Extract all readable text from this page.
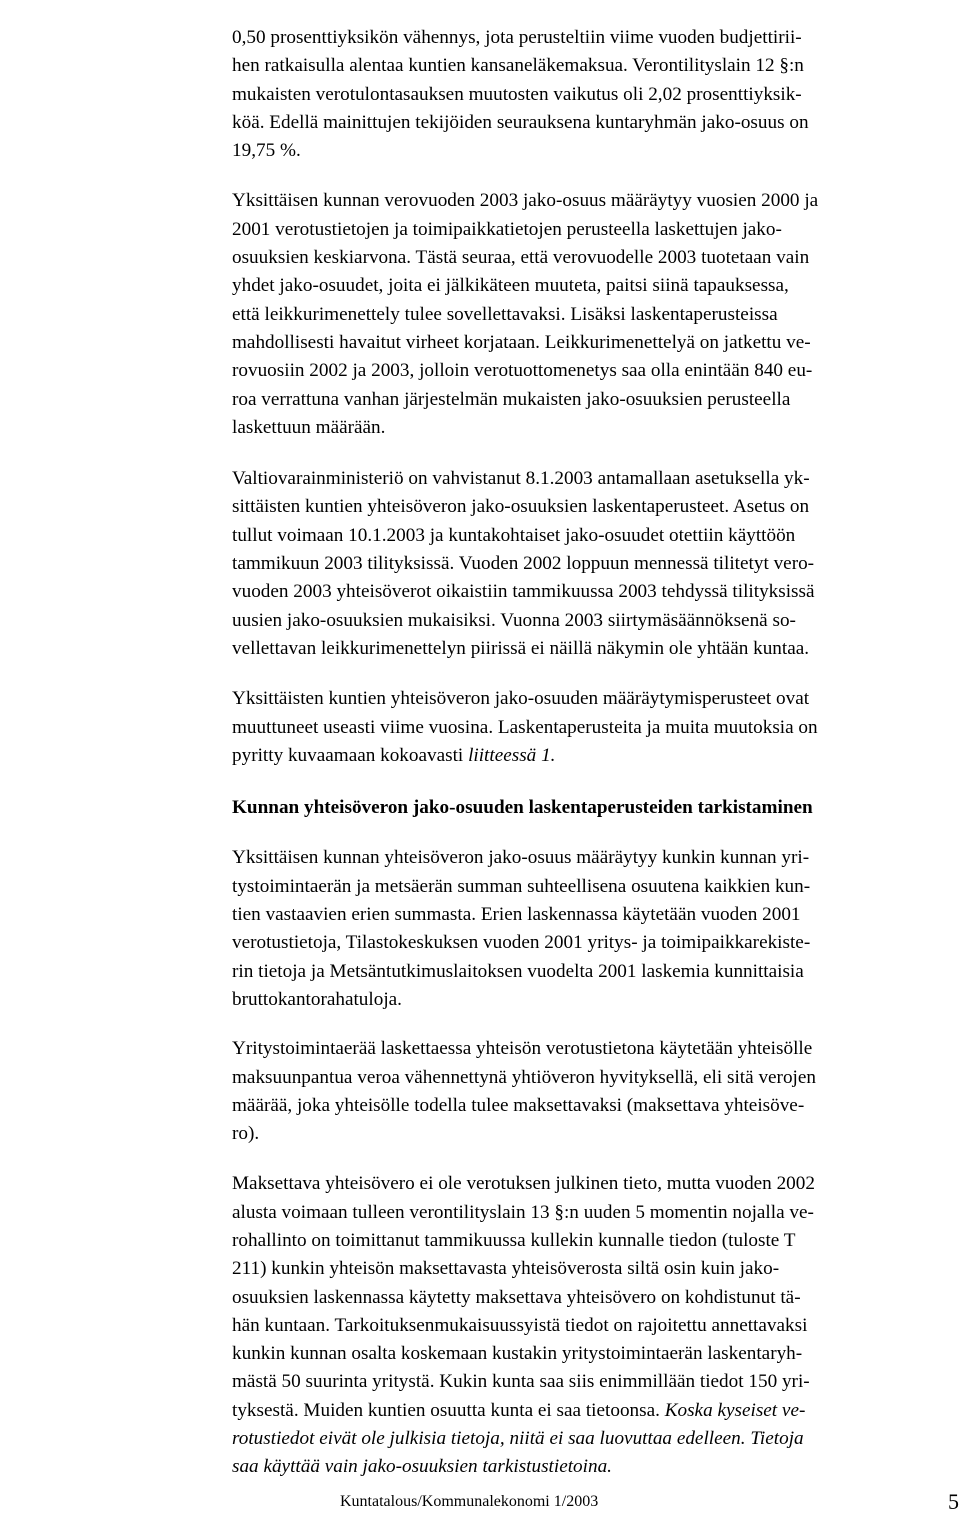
0,50 prosenttiyksikön vähennys, jota perusteltiin viime vuoden budjettirii-
hen ratkaisulla alentaa kuntien kansaneläkemaksua. Verontilityslain 12 §:n
mukaisten verotulontasauksen muutosten vaikutus oli 2,02 prosenttiyksik-
köä. Edellä mainittujen tekijöiden seurauksena kuntaryhmän jako-osuus on
19,75 %.

Yksittäisen kunnan verovuoden 2003 jako-osuus määräytyy vuosien 2000 ja
2001 verotustietojen ja toimipaikkatietojen perusteella laskettujen jako-
osuuksien keskiarvona. Tästä seuraa, että verovuodelle 2003 tuotetaan vain
yhdet jako-osuudet, joita ei jälkikäteen muuteta, paitsi siinä tapauksessa,
että leikkurimenettely tulee sovellettavaksi. Lisäksi laskentaperusteissa
mahdollisesti havaitut virheet korjataan. Leikkurimenettelyä on jatkettu ve-
rovuosiin 2002 ja 2003, jolloin verotuottomenetys saa olla enintään 840 eu-
roa verrattuna vanhan järjestelmän mukaisten jako-osuuksien perusteella
laskettuun määrään.

Valtiovarainministeriö on vahvistanut 8.1.2003 antamallaan asetuksella yk-
sittäisten kuntien yhteisöveron jako-osuuksien laskentaperusteet. Asetus on
tullut voimaan 10.1.2003 ja kuntakohtaiset jako-osuudet otettiin käyttöön
tammikuun 2003 tilityksissä. Vuoden 2002 loppuun mennessä tilitetyt vero-
vuoden 2003 yhteisöverot oikaistiin tammikuussa 2003 tehdyssä tilityksissä
uusien jako-osuuksien mukaisiksi. Vuonna 2003 siirtymäsäännöksenä so-
vellettavan leikkurimenettelyn piirissä ei näillä näkymin ole yhtään kuntaa.

Yksittäisten kuntien yhteisöveron jako-osuuden määräytymisperusteet ovat
muuttuneet useasti viime vuosina. Laskentaperusteita ja muita muutoksia on
pyritty kuvaamaan kokoavasti liitteessä 1.

Kunnan yhteisöveron jako-osuuden laskentaperusteiden tarkistaminen

Yksittäisen kunnan yhteisöveron jako-osuus määräytyy kunkin kunnan yri-
tystoimintaerän ja metsäerän summan suhteellisena osuutena kaikkien kun-
tien vastaavien erien summasta. Erien laskennassa käytetään vuoden 2001
verotustietoja, Tilastokeskuksen vuoden 2001 yritys- ja toimipaikkarekiste-
rin tietoja ja Metsäntutkimuslaitoksen vuodelta 2001 laskemia kunnittaisia
bruttokantorahatuloja.

Yritystoimintaerää laskettaessa yhteisön verotustietona käytetään yhteisölle
maksuunpantua veroa vähennettynä yhtiöveron hyvityksellä, eli sitä verojen
määrää, joka yhteisölle todella tulee maksettavaksi (maksettava yhteisöve-
ro).

Maksettava yhteisövero ei ole verotuksen julkinen tieto, mutta vuoden 2002
alusta voimaan tulleen verontilityslain 13 §:n uuden 5 momentin nojalla ve-
rohallinto on toimittanut tammikuussa kullekin kunnalle tiedon (tuloste T
211) kunkin yhteisön maksettavasta yhteisöverosta siltä osin kuin jako-
osuuksien laskennassa käytetty maksettava yhteisövero on kohdistunut tä-
hän kuntaan. Tarkoituksenmukaisuussyistä tiedot on rajoitettu annettavaksi
kunkin kunnan osalta koskemaan kustakin yritystoimintaerän laskentaryh-
mästä 50 suurinta yritystä. Kukin kunta saa siis enimmillään tiedot 150 yri-
tyksestä. Muiden kuntien osuutta kunta ei saa tietoonsa. Koska kyseiset ve-
rotustiedot eivät ole julkisia tietoja, niitä ei saa luovuttaa edelleen. Tietoja
saa käyttää vain jako-osuuksien tarkistustietoina.

Kuntatalous/Kommunalekonomi 1/2003	5
